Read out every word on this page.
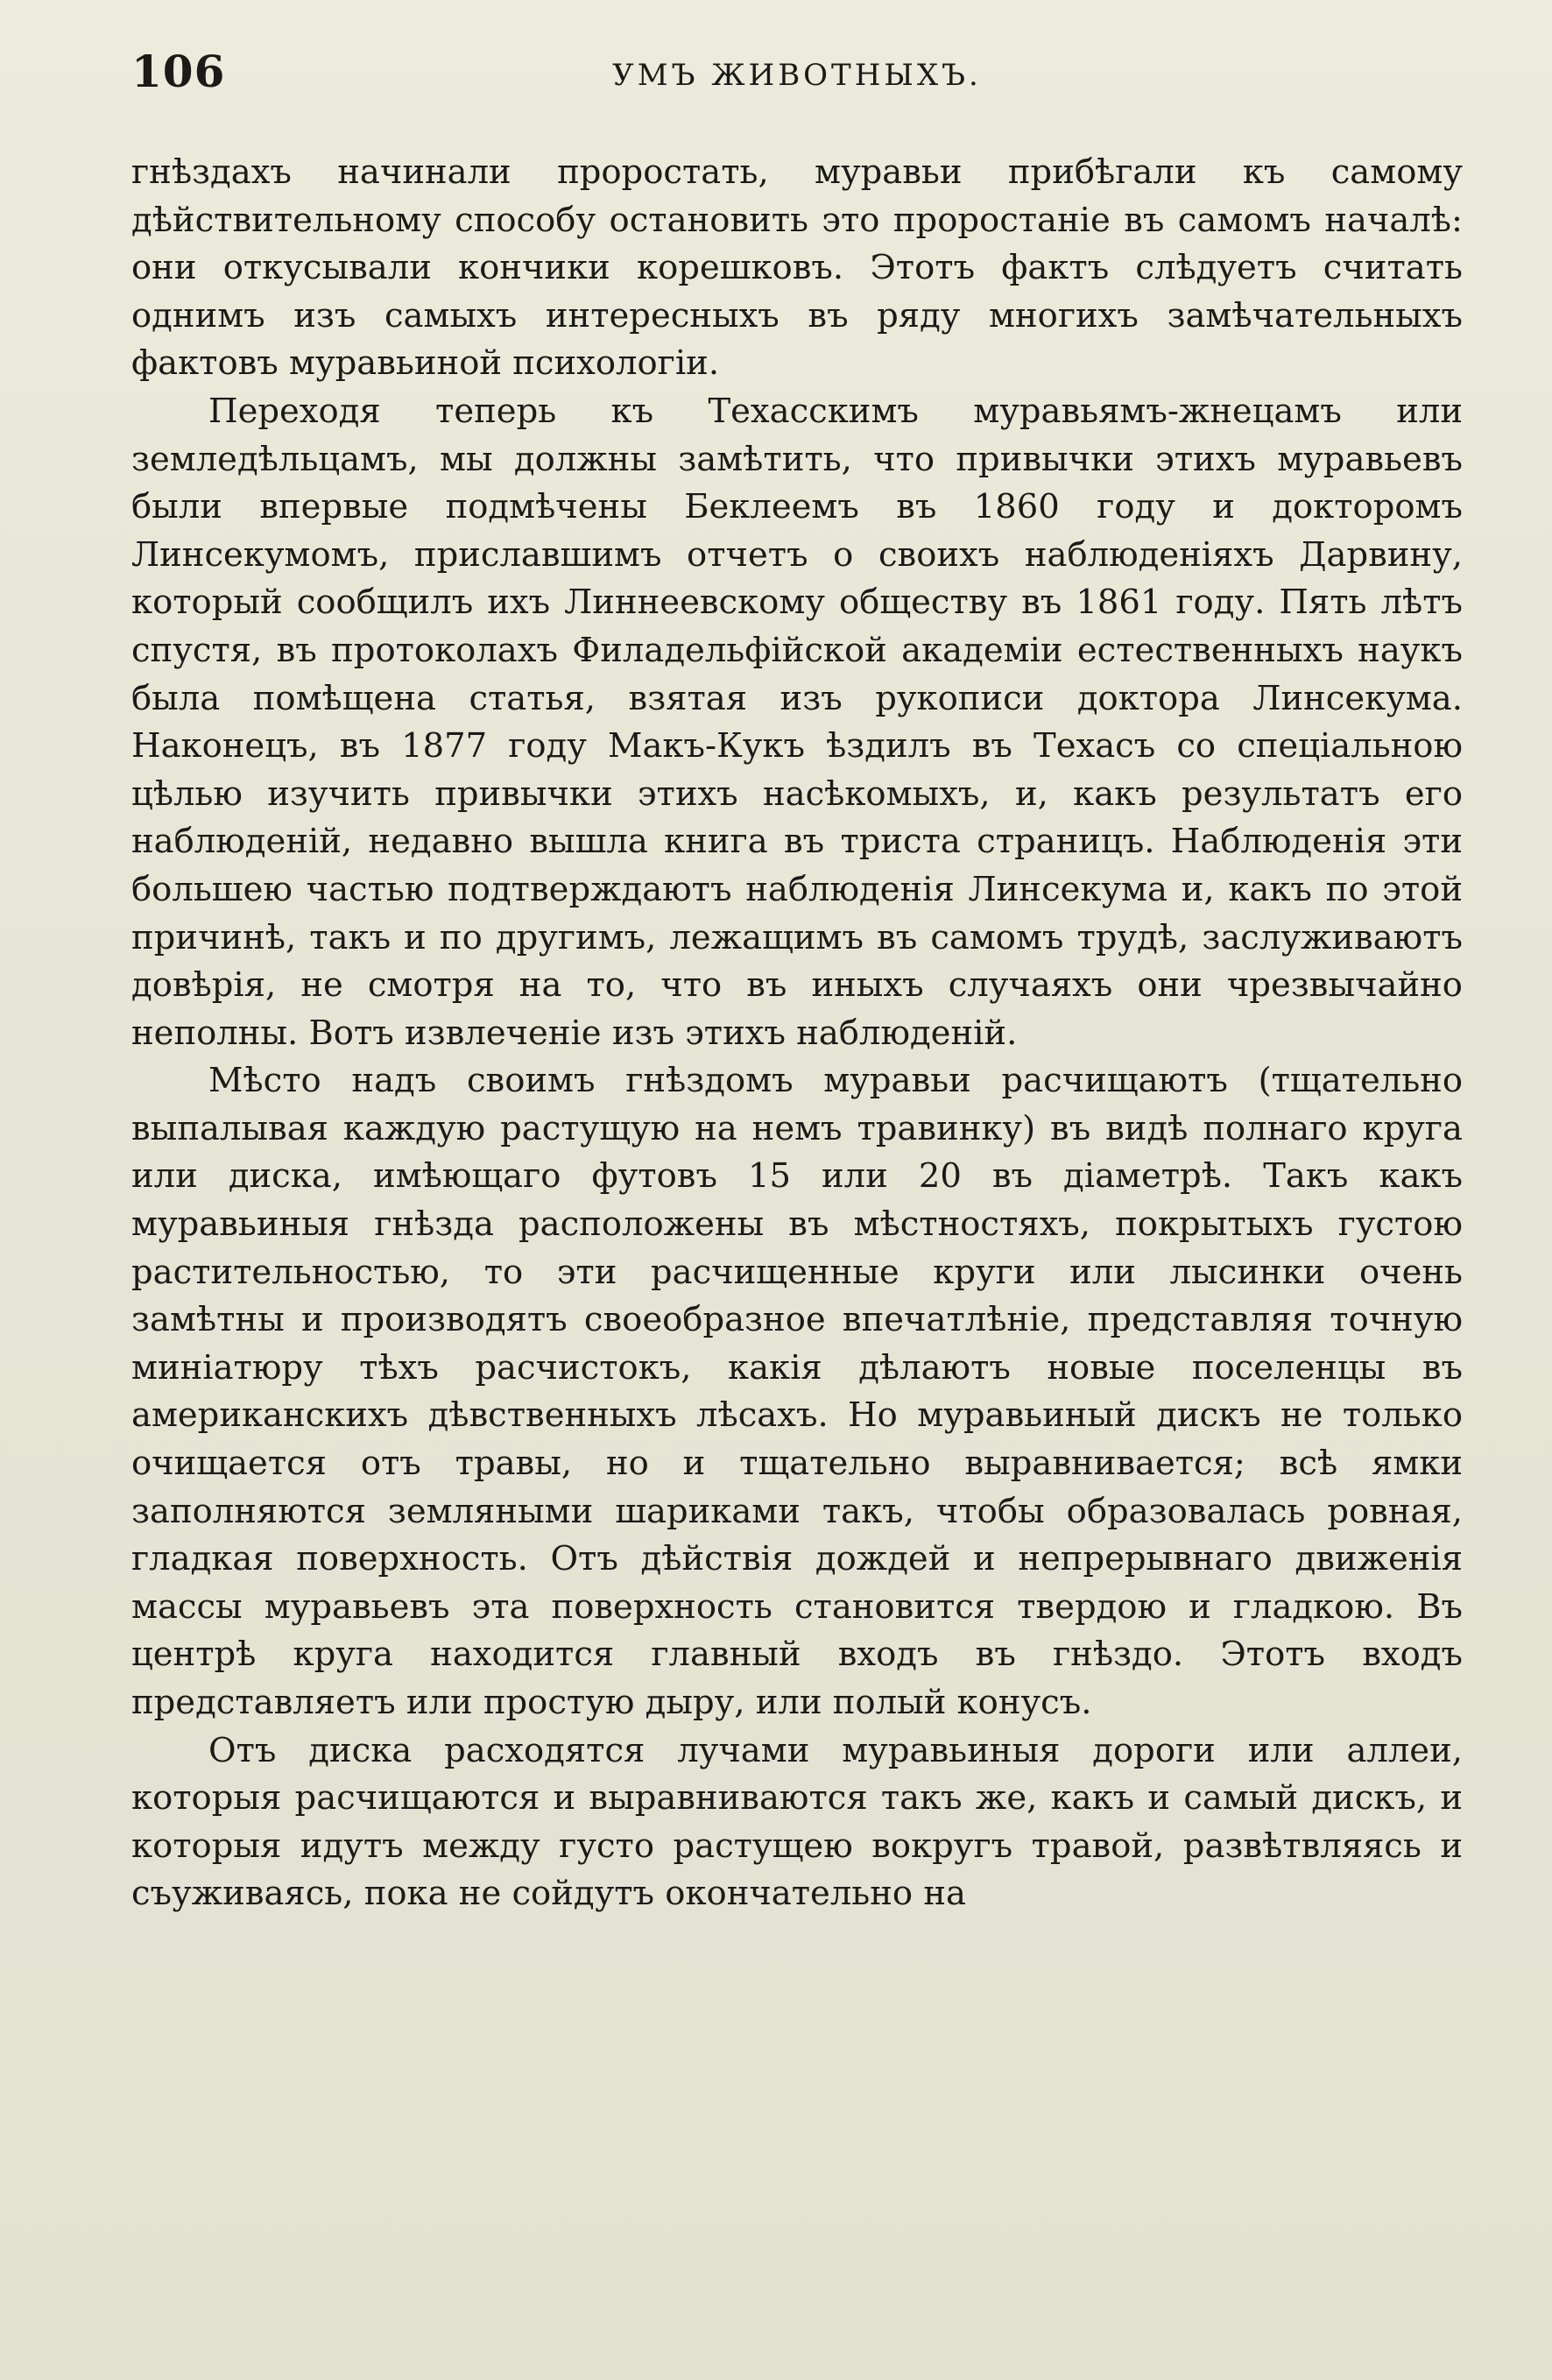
106	УМЪ ЖИВОТНЫХЪ.

гнѣздахъ начинали проростать, муравьи прибѣгали къ самому дѣйствительному способу остановить это проростаніе въ самомъ началѣ: они откусывали кончики корешковъ. Этотъ фактъ слѣдуетъ считать однимъ изъ самыхъ интересныхъ въ ряду многихъ замѣчательныхъ фактовъ муравьиной психологіи.

Переходя теперь къ Техасскимъ муравьямъ-жнецамъ или земледѣльцамъ, мы должны замѣтить, что привычки этихъ муравьевъ были впервые подмѣчены Беклеемъ въ 1860 году и докторомъ Линсекумомъ, приславшимъ отчетъ о своихъ наблюденіяхъ Дарвину, который сообщилъ ихъ Линнеевскому обществу въ 1861 году. Пять лѣтъ спустя, въ протоколахъ Филадельфійской академіи естественныхъ наукъ была помѣщена статья, взятая изъ рукописи доктора Линсекума. Наконецъ, въ 1877 году Макъ-Кукъ ѣздилъ въ Техасъ со спеціальною цѣлью изучить привычки этихъ насѣкомыхъ, и, какъ результатъ его наблюденій, недавно вышла книга въ триста страницъ. Наблюденія эти большею частью подтверждаютъ наблюденія Линсекума и, какъ по этой причинѣ, такъ и по другимъ, лежащимъ въ самомъ трудѣ, заслуживаютъ довѣрія, не смотря на то, что въ иныхъ случаяхъ они чрезвычайно неполны. Вотъ извлеченіе изъ этихъ наблюденій.

Мѣсто надъ своимъ гнѣздомъ муравьи расчищаютъ (тщательно выпалывая каждую растущую на немъ травинку) въ видѣ полнаго круга или диска, имѣющаго футовъ 15 или 20 въ діаметрѣ. Такъ какъ муравьиныя гнѣзда расположены въ мѣстностяхъ, покрытыхъ густою растительностью, то эти расчищенные круги или лысинки очень замѣтны и производятъ своеобразное впечатлѣніе, представляя точную миніатюру тѣхъ расчистокъ, какія дѣлаютъ новые поселенцы въ американскихъ дѣвственныхъ лѣсахъ. Но муравьиный дискъ не только очищается отъ травы, но и тщательно выравнивается; всѣ ямки заполняются земляными шариками такъ, чтобы образовалась ровная, гладкая поверхность. Отъ дѣйствія дождей и непрерывнаго движенія массы муравьевъ эта поверхность становится твердою и гладкою. Въ центрѣ круга находится главный входъ въ гнѣздо. Этотъ входъ представляетъ или простую дыру, или полый конусъ.

Отъ диска расходятся лучами муравьиныя дороги или аллеи, которыя расчищаются и выравниваются такъ же, какъ и самый дискъ, и которыя идутъ между густо растущею вокругъ травой, развѣтвляясь и съуживаясь, пока не сойдутъ окончательно на
